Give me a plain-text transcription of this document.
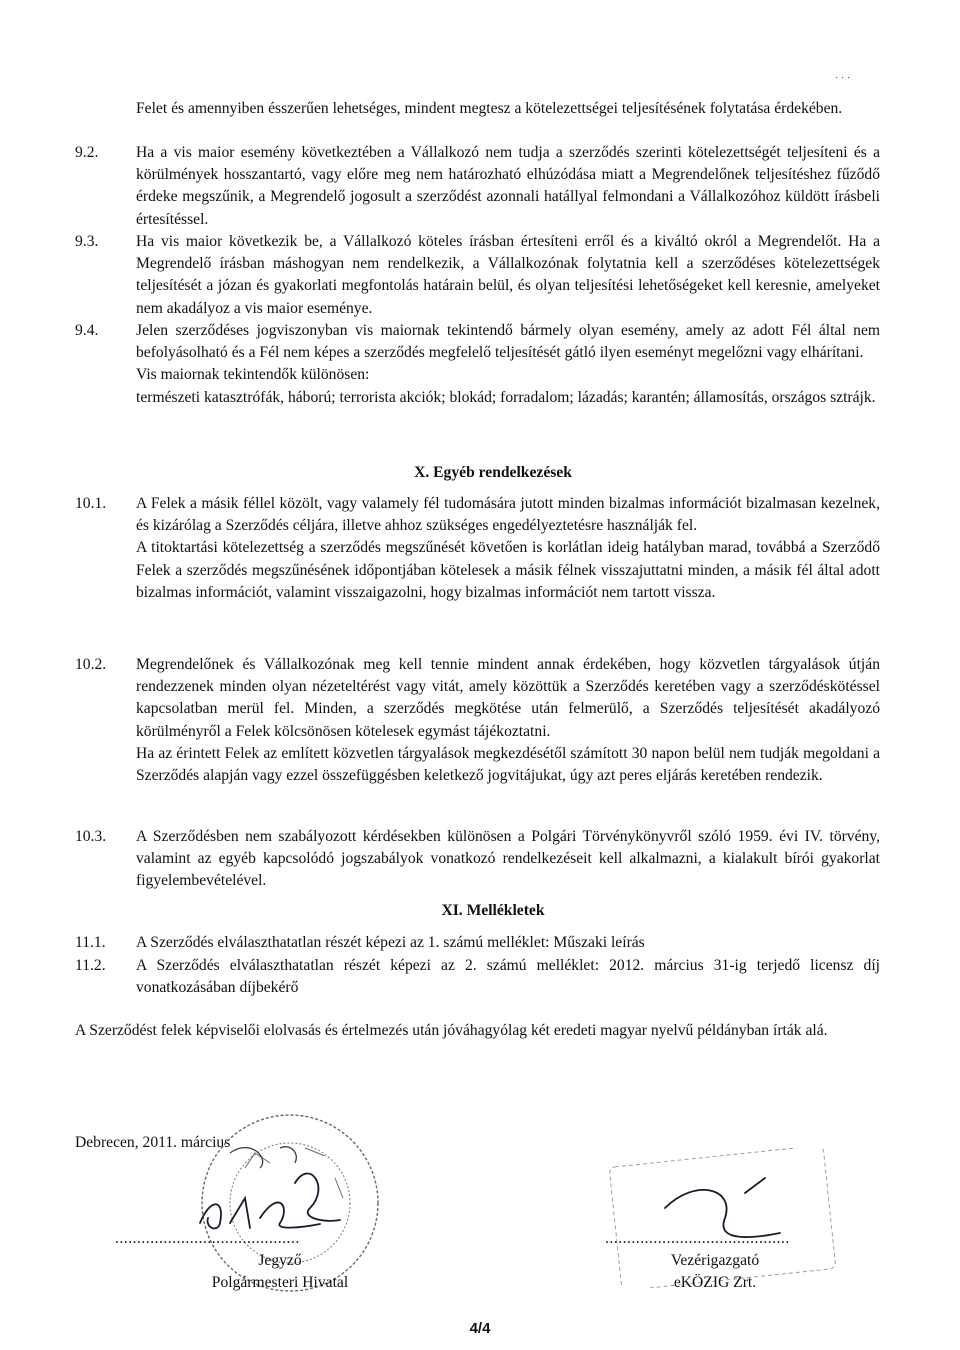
⋅ ⋅ ⋅
Felet és amennyiben ésszerűen lehetséges, mindent megtesz a kötelezettségei teljesítésének folytatása érdekében.
9.2.	Ha a vis maior esemény következtében a Vállalkozó nem tudja a szerződés szerinti kötelezettségét teljesíteni és a körülmények hosszantartó, vagy előre meg nem határozható elhúzódása miatt a Megrendelőnek teljesítéshez fűződő érdeke megszűnik, a Megrendelő jogosult a szerződést azonnali hatállyal felmondani a Vállalkozóhoz küldött írásbeli értesítéssel.
9.3.	Ha vis maior következik be, a Vállalkozó köteles írásban értesíteni erről és a kiváltó okról a Megrendelőt. Ha a Megrendelő írásban máshogyan nem rendelkezik, a Vállalkozónak folytatnia kell a szerződéses kötelezettségek teljesítését a józan és gyakorlati megfontolás határain belül, és olyan teljesítési lehetőségeket kell keresnie, amelyeket nem akadályoz a vis maior eseménye.
9.4.	Jelen szerződéses jogviszonyban vis maiornak tekintendő bármely olyan esemény, amely az adott Fél által nem befolyásolható és a Fél nem képes a szerződés megfelelő teljesítését gátló ilyen eseményt megelőzni vagy elhárítani.
Vis maiornak tekintendők különösen:
természeti katasztrófák, háború; terrorista akciók; blokád; forradalom; lázadás; karantén; államosítás, országos sztrájk.
X. Egyéb rendelkezések
10.1.	A Felek a másik féllel közölt, vagy valamely fél tudomására jutott minden bizalmas információt bizalmasan kezelnek, és kizárólag a Szerződés céljára, illetve ahhoz szükséges engedélyeztetésre használják fel.
A titoktartási kötelezettség a szerződés megszűnését követően is korlátlan ideig hatályban marad, továbbá a Szerződő Felek a szerződés megszűnésének időpontjában kötelesek a másik félnek visszajuttatni minden, a másik fél által adott bizalmas információt, valamint visszaigazolni, hogy bizalmas információt nem tartott vissza.
10.2.	Megrendelőnek és Vállalkozónak meg kell tennie mindent annak érdekében, hogy közvetlen tárgyalások útján rendezzenek minden olyan nézeteltérést vagy vitát, amely közöttük a Szerződés keretében vagy a szerződéskötéssel kapcsolatban merül fel. Minden, a szerződés megkötése után felmerülő, a Szerződés teljesítését akadályozó körülményről a Felek kölcsönösen kötelesek egymást tájékoztatni.
Ha az érintett Felek az említett közvetlen tárgyalások megkezdésétől számított 30 napon belül nem tudják megoldani a Szerződés alapján vagy ezzel összefüggésben keletkező jogvitájukat, úgy azt peres eljárás keretében rendezik.
10.3.	A Szerződésben nem szabályozott kérdésekben különösen a Polgári Törvénykönyvről szóló 1959. évi IV. törvény, valamint az egyéb kapcsolódó jogszabályok vonatkozó rendelkezéseit kell alkalmazni, a kialakult bírói gyakorlat figyelembevételével.
XI. Mellékletek
11.1.	A Szerződés elválaszthatatlan részét képezi az 1. számú melléklet: Műszaki leírás
11.2.	A Szerződés elválaszthatatlan részét képezi az 2. számú melléklet: 2012. március 31-ig terjedő licensz díj vonatkozásában díjbekérő
A Szerződést felek képviselői elolvasás és értelmezés után jóváhagyólag két eredeti magyar nyelvű példányban írták alá.
Debrecen, 2011. március
..........................................
Jegyző
Polgármesteri Hivatal
..........................................
Vezérigazgató
eKÖZIG Zrt.
4/4
